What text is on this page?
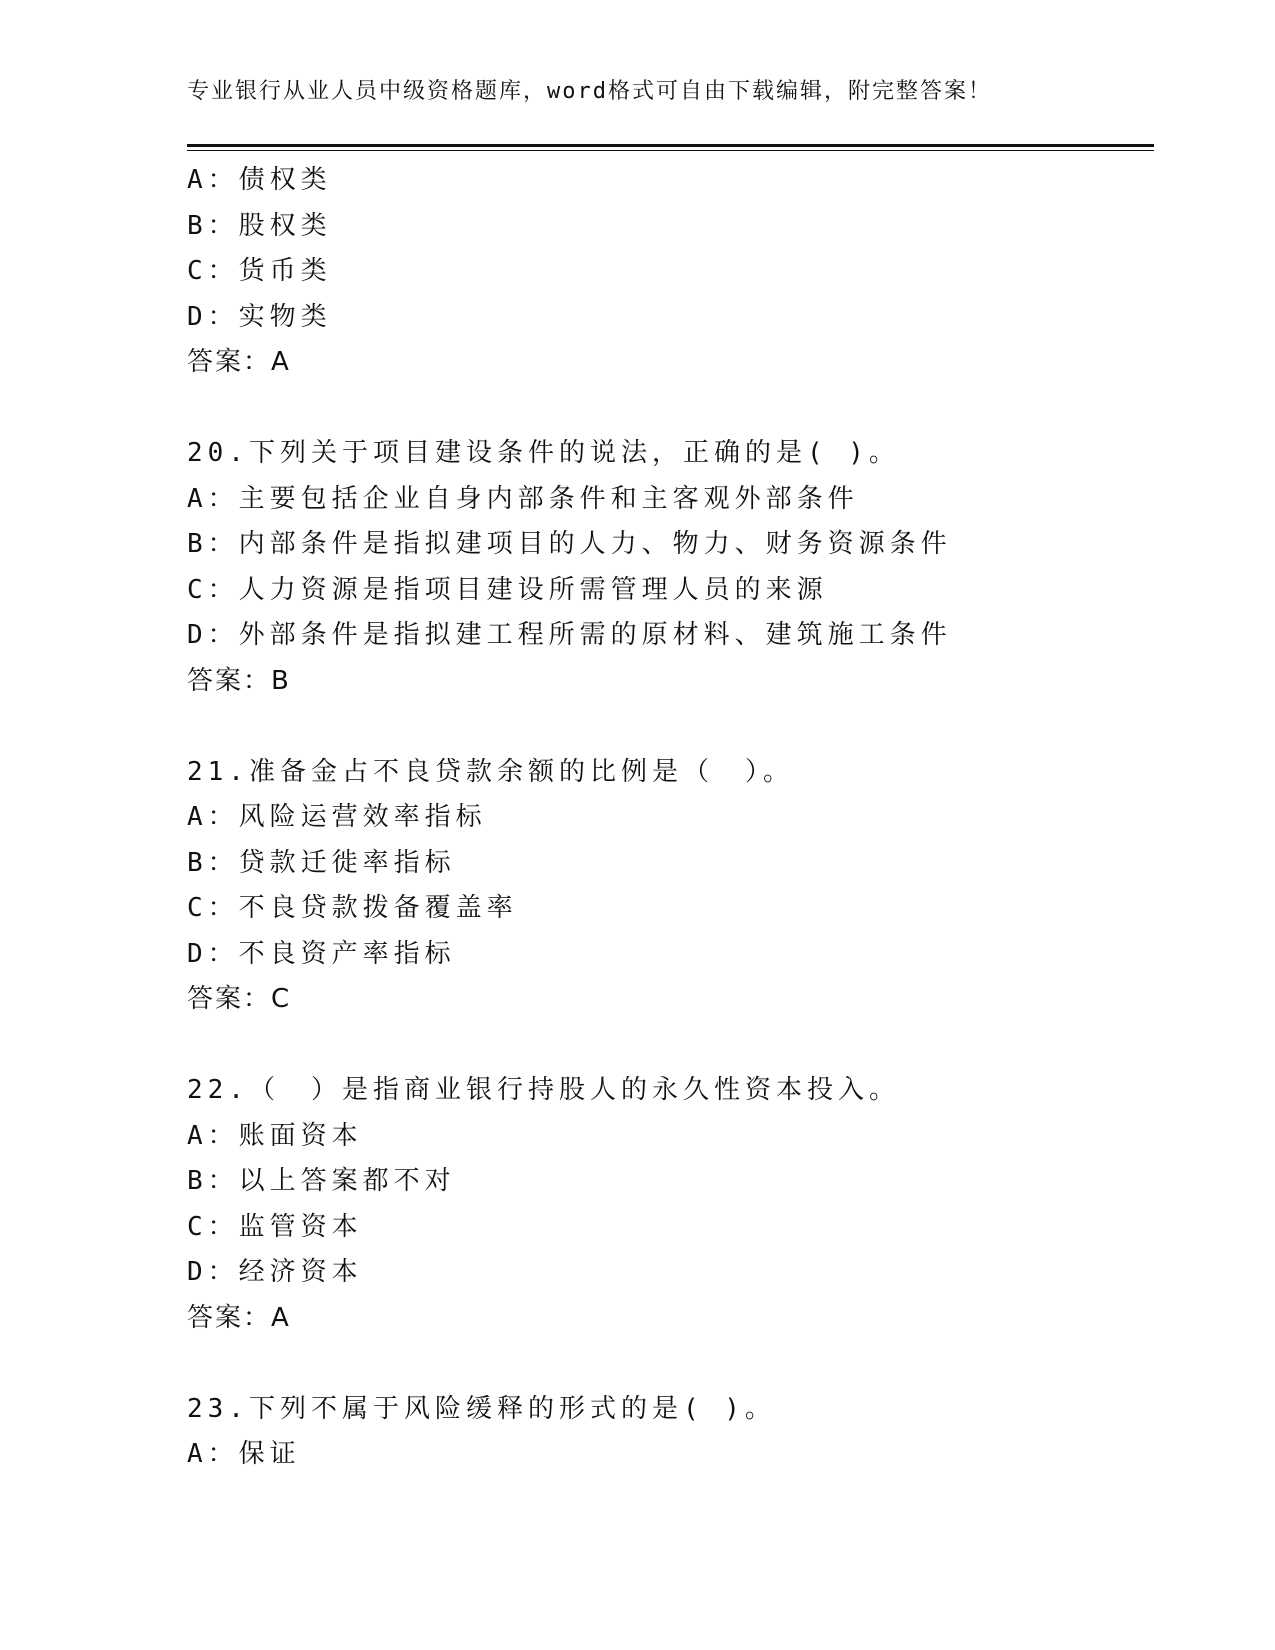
专业银行从业人员中级资格题库，word格式可自由下载编辑，附完整答案！
A：债权类
B：股权类
C：货币类
D：实物类
答案：A
20.下列关于项目建设条件的说法，正确的是( )。
A：主要包括企业自身内部条件和主客观外部条件
B：内部条件是指拟建项目的人力、物力、财务资源条件
C：人力资源是指项目建设所需管理人员的来源
D：外部条件是指拟建工程所需的原材料、建筑施工条件
答案：B
21.准备金占不良贷款余额的比例是（　）。
A：风险运营效率指标
B：贷款迁徙率指标
C：不良贷款拨备覆盖率
D：不良资产率指标
答案：C
22.（　）是指商业银行持股人的永久性资本投入。
A：账面资本
B：以上答案都不对
C：监管资本
D：经济资本
答案：A
23.下列不属于风险缓释的形式的是( )。
A：保证
